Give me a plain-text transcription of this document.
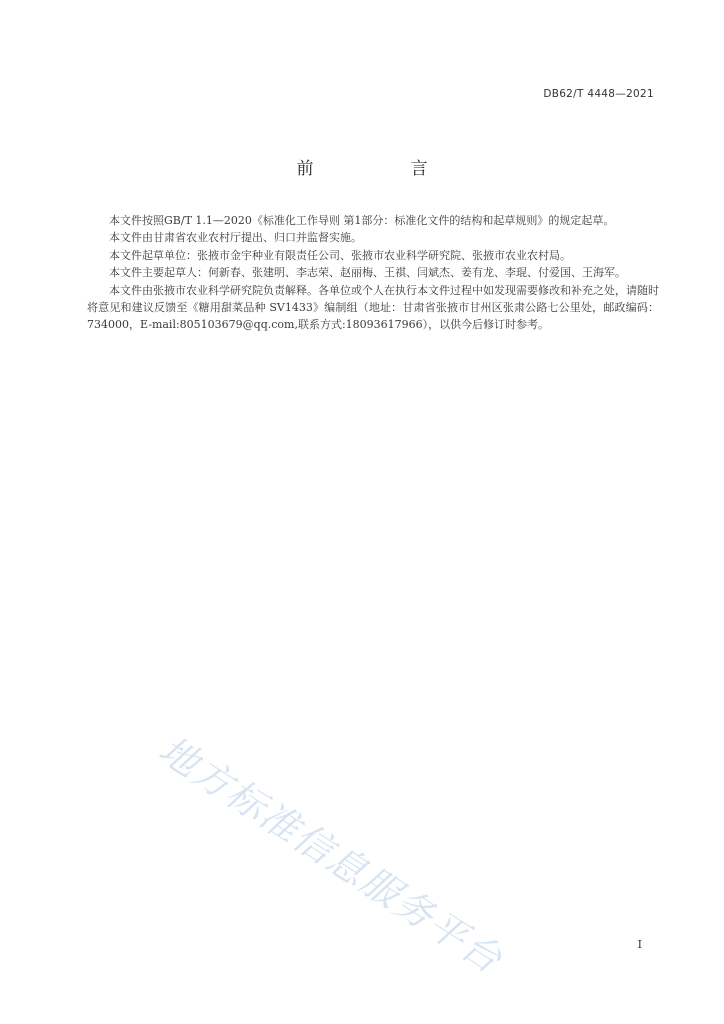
DB62/T 4448—2021
前　言

本文件按照GB/T 1.1—2020《标准化工作导则 第1部分：标准化文件的结构和起草规则》的规定起草。

本文件由甘肃省农业农村厅提出、归口并监督实施。

本文件起草单位：张掖市金宇种业有限责任公司、张掖市农业科学研究院、张掖市农业农村局。

本文件主要起草人：何新春、张建明、李志荣、赵丽梅、王祺、闫斌杰、姜有龙、李琨、付爱国、王海军。

本文件由张掖市农业科学研究院负责解释。各单位或个人在执行本文件过程中如发现需要修改和补充之处，请随时将意见和建议反馈至《糖用甜菜品种 SV1433》编制组（地址：甘肃省张掖市甘州区张肃公路七公里处，邮政编码：734000，E-mail:805103679@qq.com,联系方式:18093617966），以供今后修订时参考。

地方标准信息服务平台	I
